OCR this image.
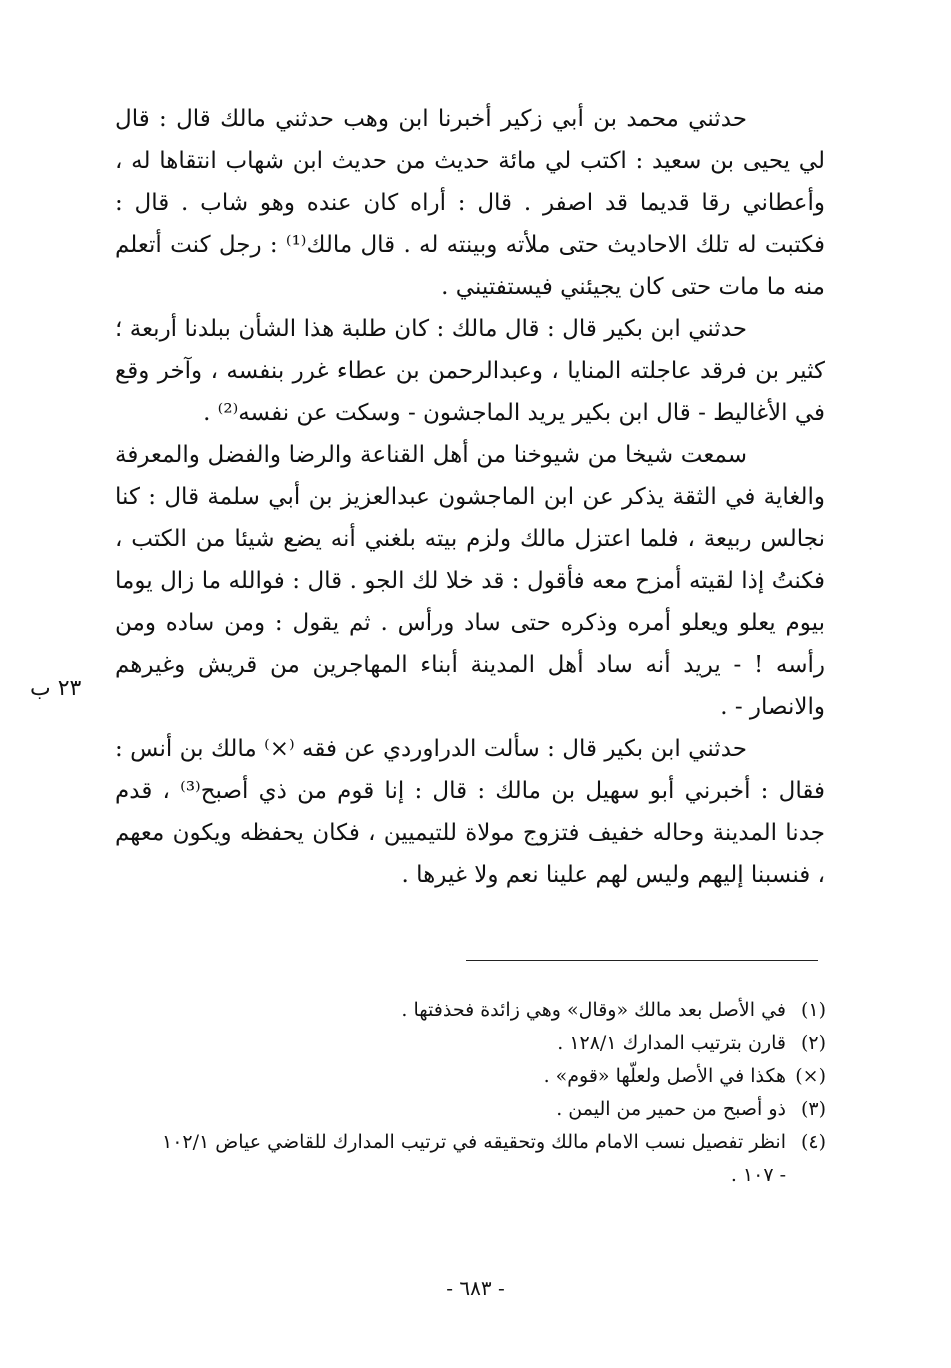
حدثني محمد بن أبي زكير أخبرنا ابن وهب حدثني مالك قال : قال لي يحيى بن سعيد : اكتب لي مائة حديث من حديث ابن شهاب انتقاها له ، وأعطاني رقا قديما قد اصفر . قال : أراه كان عنده وهو شاب . قال : فكتبت له تلك الاحاديث حتى ملأته وبينته له . قال مالك⁽¹⁾ : رجل كنت أتعلم منه ما مات حتى كان يجيئني فيستفتيني .

حدثني ابن بكير قال : قال مالك : كان طلبة هذا الشأن ببلدنا أربعة ؛ كثير بن فرقد عاجلته المنايا ، وعبدالرحمن بن عطاء غرر بنفسه ، وآخر وقع في الأغاليط - قال ابن بكير يريد الماجشون - وسكت عن نفسه⁽²⁾ .

سمعت شيخا من شيوخنا من أهل القناعة والرضا والفضل والمعرفة والغاية في الثقة يذكر عن ابن الماجشون عبدالعزيز بن أبي سلمة قال : كنا نجالس ربيعة ، فلما اعتزل مالك ولزم بيته بلغني أنه يضع شيئا من الكتب ، فكنتُ إذا لقيته أمزح معه فأقول : قد خلا لك الجو . قال : فوالله ما زال يوما بيوم يعلو ويعلو أمره وذكره حتى ساد ورأس . ثم يقول : ومن ساده ومن رأسه ! - يريد أنه ساد أهل المدينة أبناء المهاجرين من قريش وغيرهم والانصار - .

حدثني ابن بكير قال : سألت الدراوردي عن فقه ⁽×⁾ مالك بن أنس : فقال : أخبرني أبو سهيل بن مالك : قال : إنا قوم من ذي أصبح⁽³⁾ ، قدم جدنا المدينة وحاله خفيف فتزوج مولاة للتيميين ، فكان يحفظه ويكون معهم ، فنسبنا إليهم وليس لهم علينا نعم ولا غيرها .

٢٣ ب
(١)
في الأصل بعد مالك «وقال» وهي زائدة فحذفتها .
(٢)
قارن بترتيب المدارك ١٢٨/١ .
(×)
هكذا في الأصل ولعلّها «قوم» .
(٣)
ذو أصبح من حمير من اليمن .
(٤)
انظر تفصيل نسب الامام مالك وتحقيقه في ترتيب المدارك للقاضي عياض ١٠٢/١ - ١٠٧ .
- ٦٨٣ -
